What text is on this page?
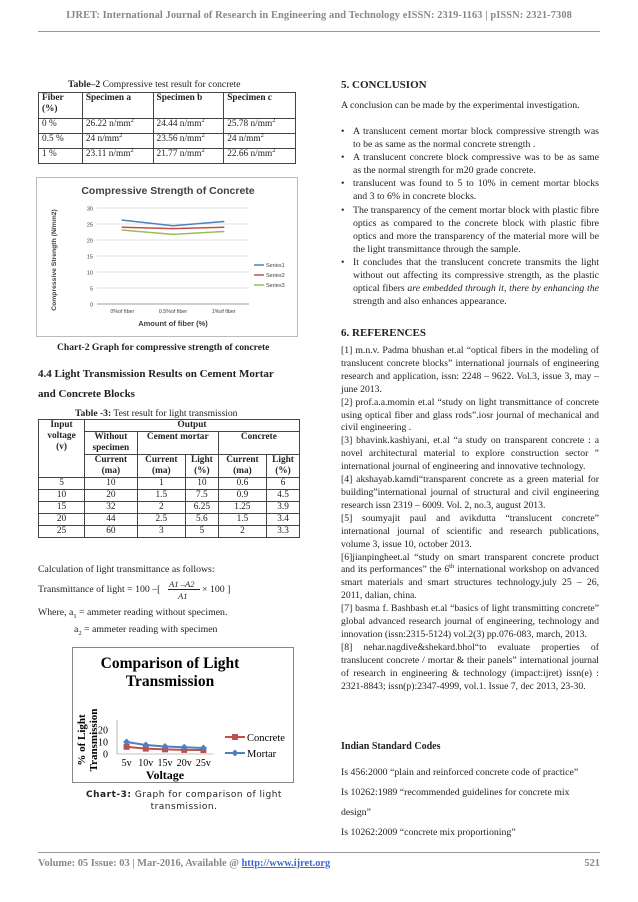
IJRET: International Journal of Research in Engineering and Technology eISSN: 2319-1163 | pISSN: 2321-7308
Volume: 05 Issue: 03 | Mar-2016, Available @ http://www.ijret.org	521
Table–2 Compressive test result for concrete
Fiber (%)	Specimen a	Specimen b	Specimen c
0 %	26.22 $n/mm^2$	24.44 $n/mm^2$	25.78 $n/mm^2$
0.5 %	24 $n/mm^2$	23.56 $n/mm^2$	24 $n/mm^2$
1 %	23.11 $n/mm^2$	21.77 $n/mm^2$	22.66 $n/mm^2$
Compressive Strength of Concrete
0
5
10
15
20
25
30
0%of fiber	0.5%of fiber	1%of fiber
Series1
Series2
Series3
Amount of fiber (%)
Compressive Strength (N/mm2)
Chart-2 Graph for compressive strength of concrete
4.4 Light Transmission Results on Cement Mortar
and Concrete Blocks
Table -3: Test result for light transmission
Input voltage (v)	Output				
	Without specimen	Cement mortar		Concrete	
	Current (ma)	Current (ma)	Light (%)	Current (ma)	Light (%)
5	10	1	10	0.6	6
10	20	1.5	7.5	0.9	4.5
15	32	2	6.25	1.25	3.9
20	44	2.5	5.6	1.5	3.4
25	60	3	5	2	3.3
Calculation of light transmittance as follows:
Transmittance of light = 100 –[ A1 –A2
A1
× 100 ]
Where, $a_1$ = ammeter reading without specimen.
$a_2$ = ammeter reading with specimen
Comparison of Light
Transmission
0
10
20
5v 10v 15v 20v 25v
Concrete
Mortar
Voltage
% of Light Transmission
Chart-3: Graph for comparison of light transmission.
5. CONCLUSION
A conclusion can be made by the experimental investigation.
• A translucent cement mortar block compressive strength was to be as same as the normal concrete strength .
• A translucent concrete block compressive was to be as same as the normal strength for m20 grade concrete.
• translucent was found to 5 to 10% in cement mortar blocks and 3 to 6% in concrete blocks.
• The transparency of the cement mortar block with plastic fibre optics as compared to the concrete block with plastic fibre optics and more the transparency of the material more will be the light transmittance through the sample.
• It concludes that the translucent concrete transmits the light without out affecting its compressive strength, as the plastic optical fibers are embedded through it, there by enhancing the strength and also enhances appearance.
6. REFERENCES
[1] m.n.v. Padma bhushan et.al “optical fibers in the modeling of translucent concrete blocks” international journals of engineering research and application, issn: 2248 – 9622. Vol.3, issue 3, may – june 2013.
[2] prof.a.a.momin et.al “study on light transmittance of concrete using optical fiber and glass rods”.iosr journal of mechanical and civil engineering .
[3] bhavink.kashiyani, et.al “a study on transparent concrete : a novel architectural material to explore construction sector ” international journal of engineering and innovative technology.
[4] akshayab.kamdi“transparent concrete as a green material for building”international journal of structural and civil engineering research issn 2319 – 6009. Vol. 2, no.3, august 2013.
[5] soumyajit paul and avikdutta “translucent concrete” international journal of scientific and research publications, volume 3, issue 10, october 2013.
[6]jianpingheet.al “study on smart transparent concrete product and its performances” the 6th international workshop on advanced smart materials and smart structures technology.july 25 – 26, 2011, dalian, china.
[7] basma f. Bashbash et.al “basics of light transmitting concrete” global advanced research journal of engineering, technology and innovation (issn:2315-5124) vol.2(3) pp.076-083, march, 2013.
[8] nehar.nagdive&shekard.bhol“to evaluate properties of translucent concrete / mortar & their panels” international journal of research in engineering & technology (impact:ijret) issn(e) : 2321-8843; issn(p):2347-4999, vol.1. Issue 7, dec 2013, 23-30.
Indian Standard Codes
Is 456:2000 “plain and reinforced concrete code of practice”
Is 10262:1989 “recommended guidelines for concrete mix design”
Is 10262:2009 “concrete mix proportioning”
